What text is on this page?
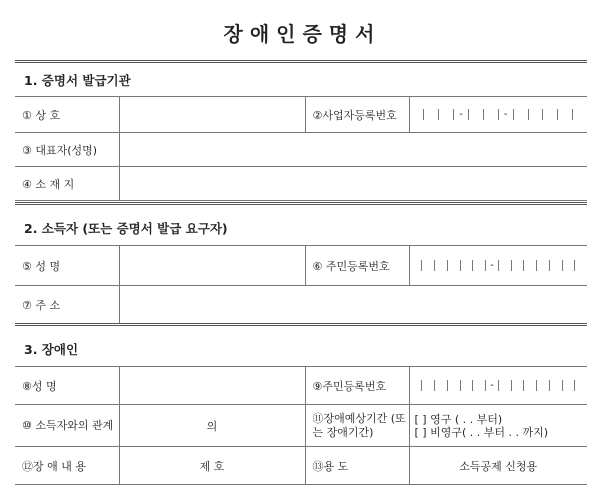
장애인증명서
1. 증명서 발급기관
① 상 호		②사업자등록번호	- -

③ 대표자(성명)			
④ 소 재 지			
2. 소득자 (또는 증명서 발급 요구자)
⑤ 성 명		⑥ 주민등록번호	-

⑦ 주 소			
3. 장애인
⑧성 명		⑨주민등록번호	-

⑩ 소득자와의 관계	의	⑪장애예상기간 (또는 장애기간)	[ ] 영구 ( . . 부터)
[ ] 비영구( . . 부터 . . 까지)

⑫장 애 내 용	제 호	⑬용 도	소득공제 신청용
